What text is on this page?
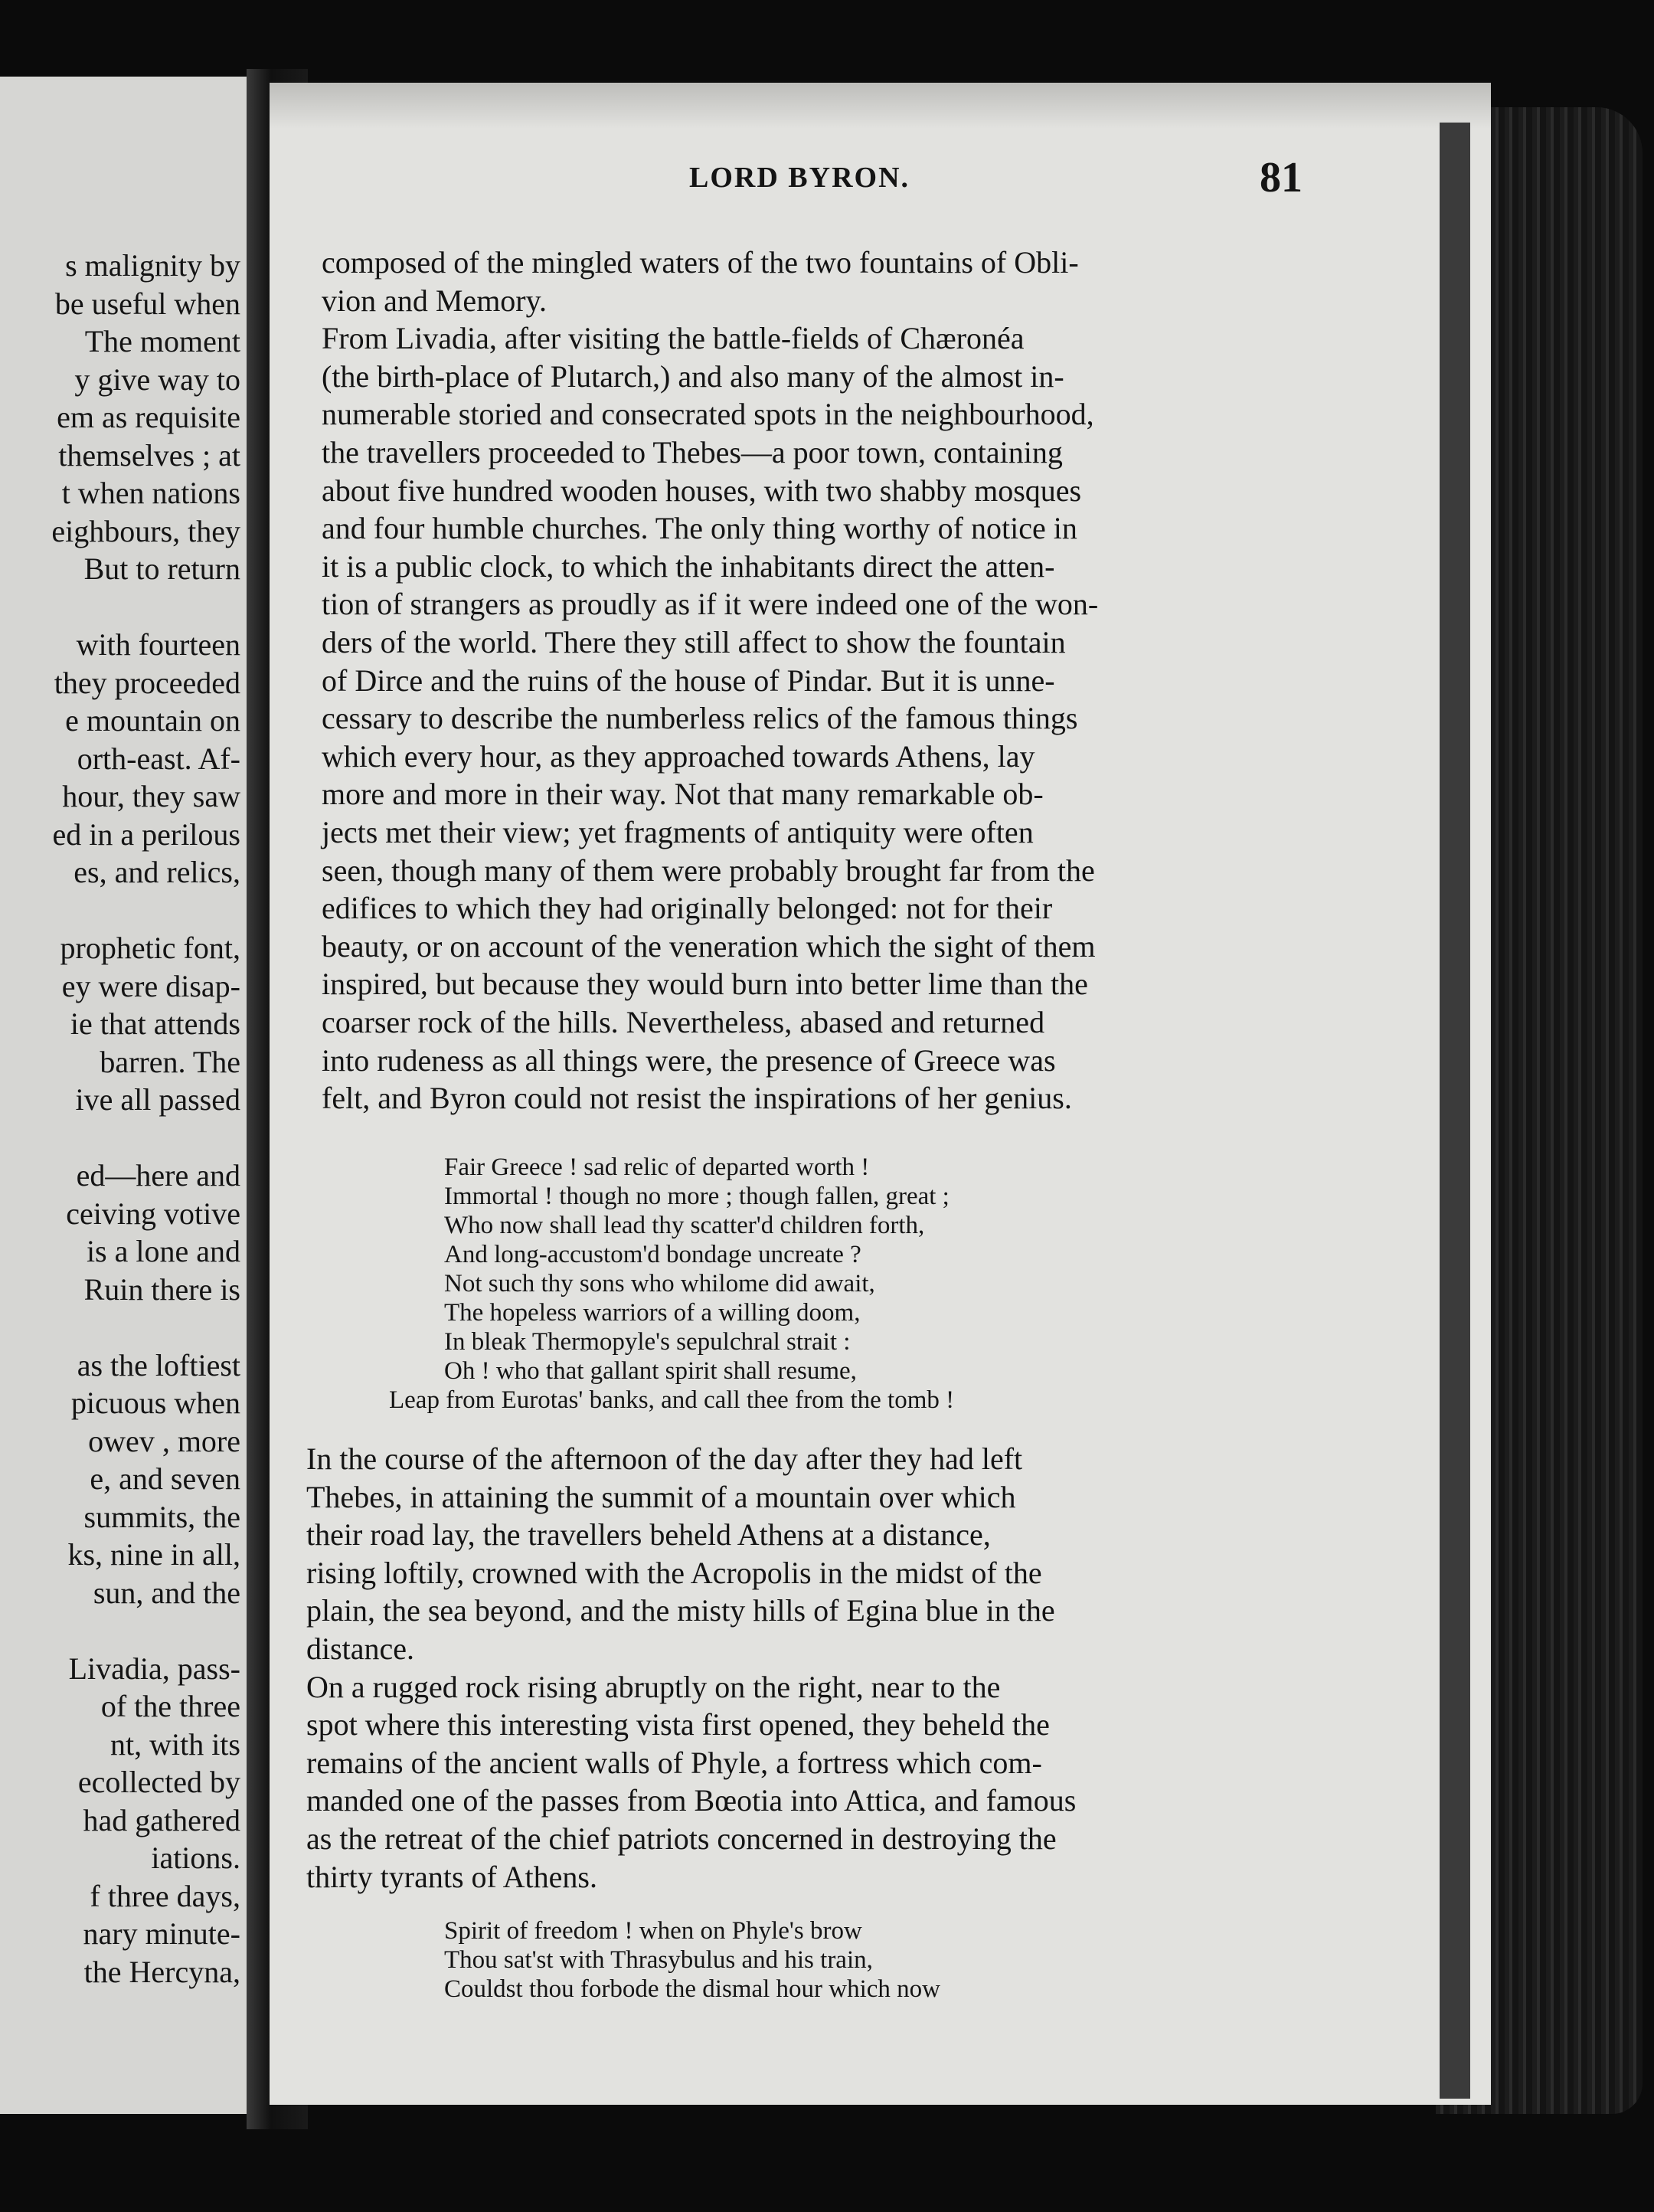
s malignity by
be useful when
The moment
y give way to
em as requisite
themselves ; at
t when nations
eighbours, they
But to return
with fourteen
they proceeded
e mountain on
orth-east. Af-
hour, they saw
ed in a perilous
es, and relics,
prophetic font,
ey were disap-
ie that attends
barren. The
ive all passed
ed—here and
ceiving votive
is a lone and
Ruin there is
as the loftiest
picuous when
owev , more
e, and seven
summits, the
ks, nine in all,
sun, and the
Livadia, pass-
of the three
nt, with its
ecollected by
had gathered
iations.
f three days,
nary minute-
the Hercyna,
LORD BYRON.	81
composed of the mingled waters of the two fountains of Obli-
vion and Memory.
From Livadia, after visiting the battle-fields of Chæronéa
(the birth-place of Plutarch,) and also many of the almost in-
numerable storied and consecrated spots in the neighbourhood,
the travellers proceeded to Thebes—a poor town, containing
about five hundred wooden houses, with two shabby mosques
and four humble churches. The only thing worthy of notice in
it is a public clock, to which the inhabitants direct the atten-
tion of strangers as proudly as if it were indeed one of the won-
ders of the world. There they still affect to show the fountain
of Dirce and the ruins of the house of Pindar. But it is unne-
cessary to describe the numberless relics of the famous things
which every hour, as they approached towards Athens, lay
more and more in their way. Not that many remarkable ob-
jects met their view; yet fragments of antiquity were often
seen, though many of them were probably brought far from the
edifices to which they had originally belonged: not for their
beauty, or on account of the veneration which the sight of them
inspired, but because they would burn into better lime than the
coarser rock of the hills. Nevertheless, abased and returned
into rudeness as all things were, the presence of Greece was
felt, and Byron could not resist the inspirations of her genius.
Fair Greece ! sad relic of departed worth !
Immortal ! though no more ; though fallen, great ;
Who now shall lead thy scatter'd children forth,
And long-accustom'd bondage uncreate ?
Not such thy sons who whilome did await,
The hopeless warriors of a willing doom,
In bleak Thermopyle's sepulchral strait :
Oh ! who that gallant spirit shall resume,
Leap from Eurotas' banks, and call thee from the tomb !
In the course of the afternoon of the day after they had left
Thebes, in attaining the summit of a mountain over which
their road lay, the travellers beheld Athens at a distance,
rising loftily, crowned with the Acropolis in the midst of the
plain, the sea beyond, and the misty hills of Egina blue in the
distance.
On a rugged rock rising abruptly on the right, near to the
spot where this interesting vista first opened, they beheld the
remains of the ancient walls of Phyle, a fortress which com-
manded one of the passes from Bœotia into Attica, and famous
as the retreat of the chief patriots concerned in destroying the
thirty tyrants of Athens.
Spirit of freedom ! when on Phyle's brow
Thou sat'st with Thrasybulus and his train,
Couldst thou forbode the dismal hour which now
